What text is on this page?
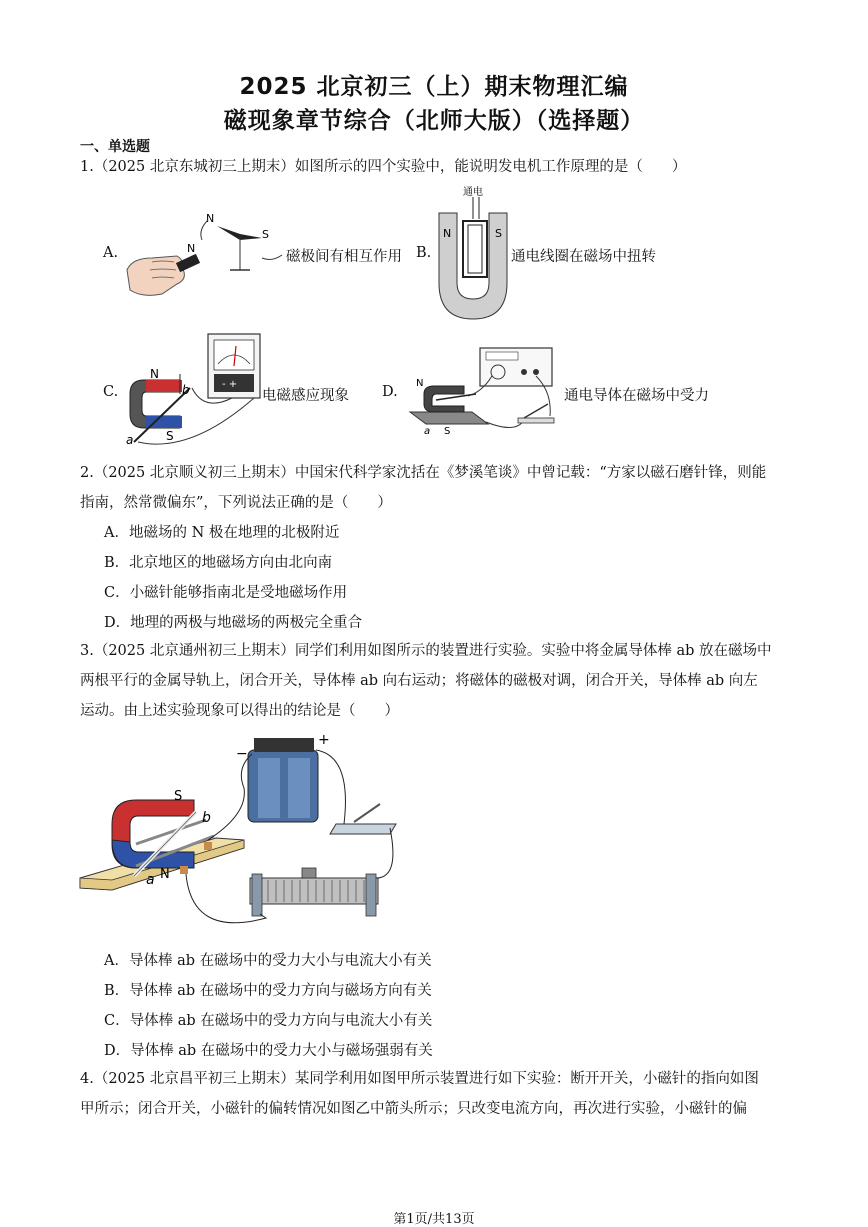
2025 北京初三（上）期末物理汇编
磁现象章节综合（北师大版）（选择题）
一、单选题
1.（2025 北京东城初三上期末）如图所示的四个实验中，能说明发电机工作原理的是（　　）
A.	N
N
S
磁极间有相互作用 B.
通电
N	S
通电线圈在磁场中扭转
C.	- +
N
S
b
a
电磁感应现象 D.
N
S
a
通电导体在磁场中受力
2.（2025 北京顺义初三上期末）中国宋代科学家沈括在《梦溪笔谈》中曾记载：“方家以磁石磨针锋，则能
指南，然常微偏东”，下列说法正确的是（　　）
A．地磁场的 N 极在地理的北极附近
B．北京地区的地磁场方向由北向南
C．小磁针能够指南北是受地磁场作用
D．地理的两极与地磁场的两极完全重合
3.（2025 北京通州初三上期末）同学们利用如图所示的装置进行实验。实验中将金属导体棒 ab 放在磁场中
两根平行的金属导轨上，闭合开关，导体棒 ab 向右运动；将磁体的磁极对调，闭合开关，导体棒 ab 向左
运动。由上述实验现象可以得出的结论是（　　）
S
N
b
a
−
+
A．导体棒 ab 在磁场中的受力大小与电流大小有关
B．导体棒 ab 在磁场中的受力方向与磁场方向有关
C．导体棒 ab 在磁场中的受力方向与电流大小有关
D．导体棒 ab 在磁场中的受力大小与磁场强弱有关
4.（2025 北京昌平初三上期末）某同学利用如图甲所示装置进行如下实验：断开开关，小磁针的指向如图
甲所示；闭合开关，小磁针的偏转情况如图乙中箭头所示；只改变电流方向，再次进行实验，小磁针的偏
第1页/共13页
